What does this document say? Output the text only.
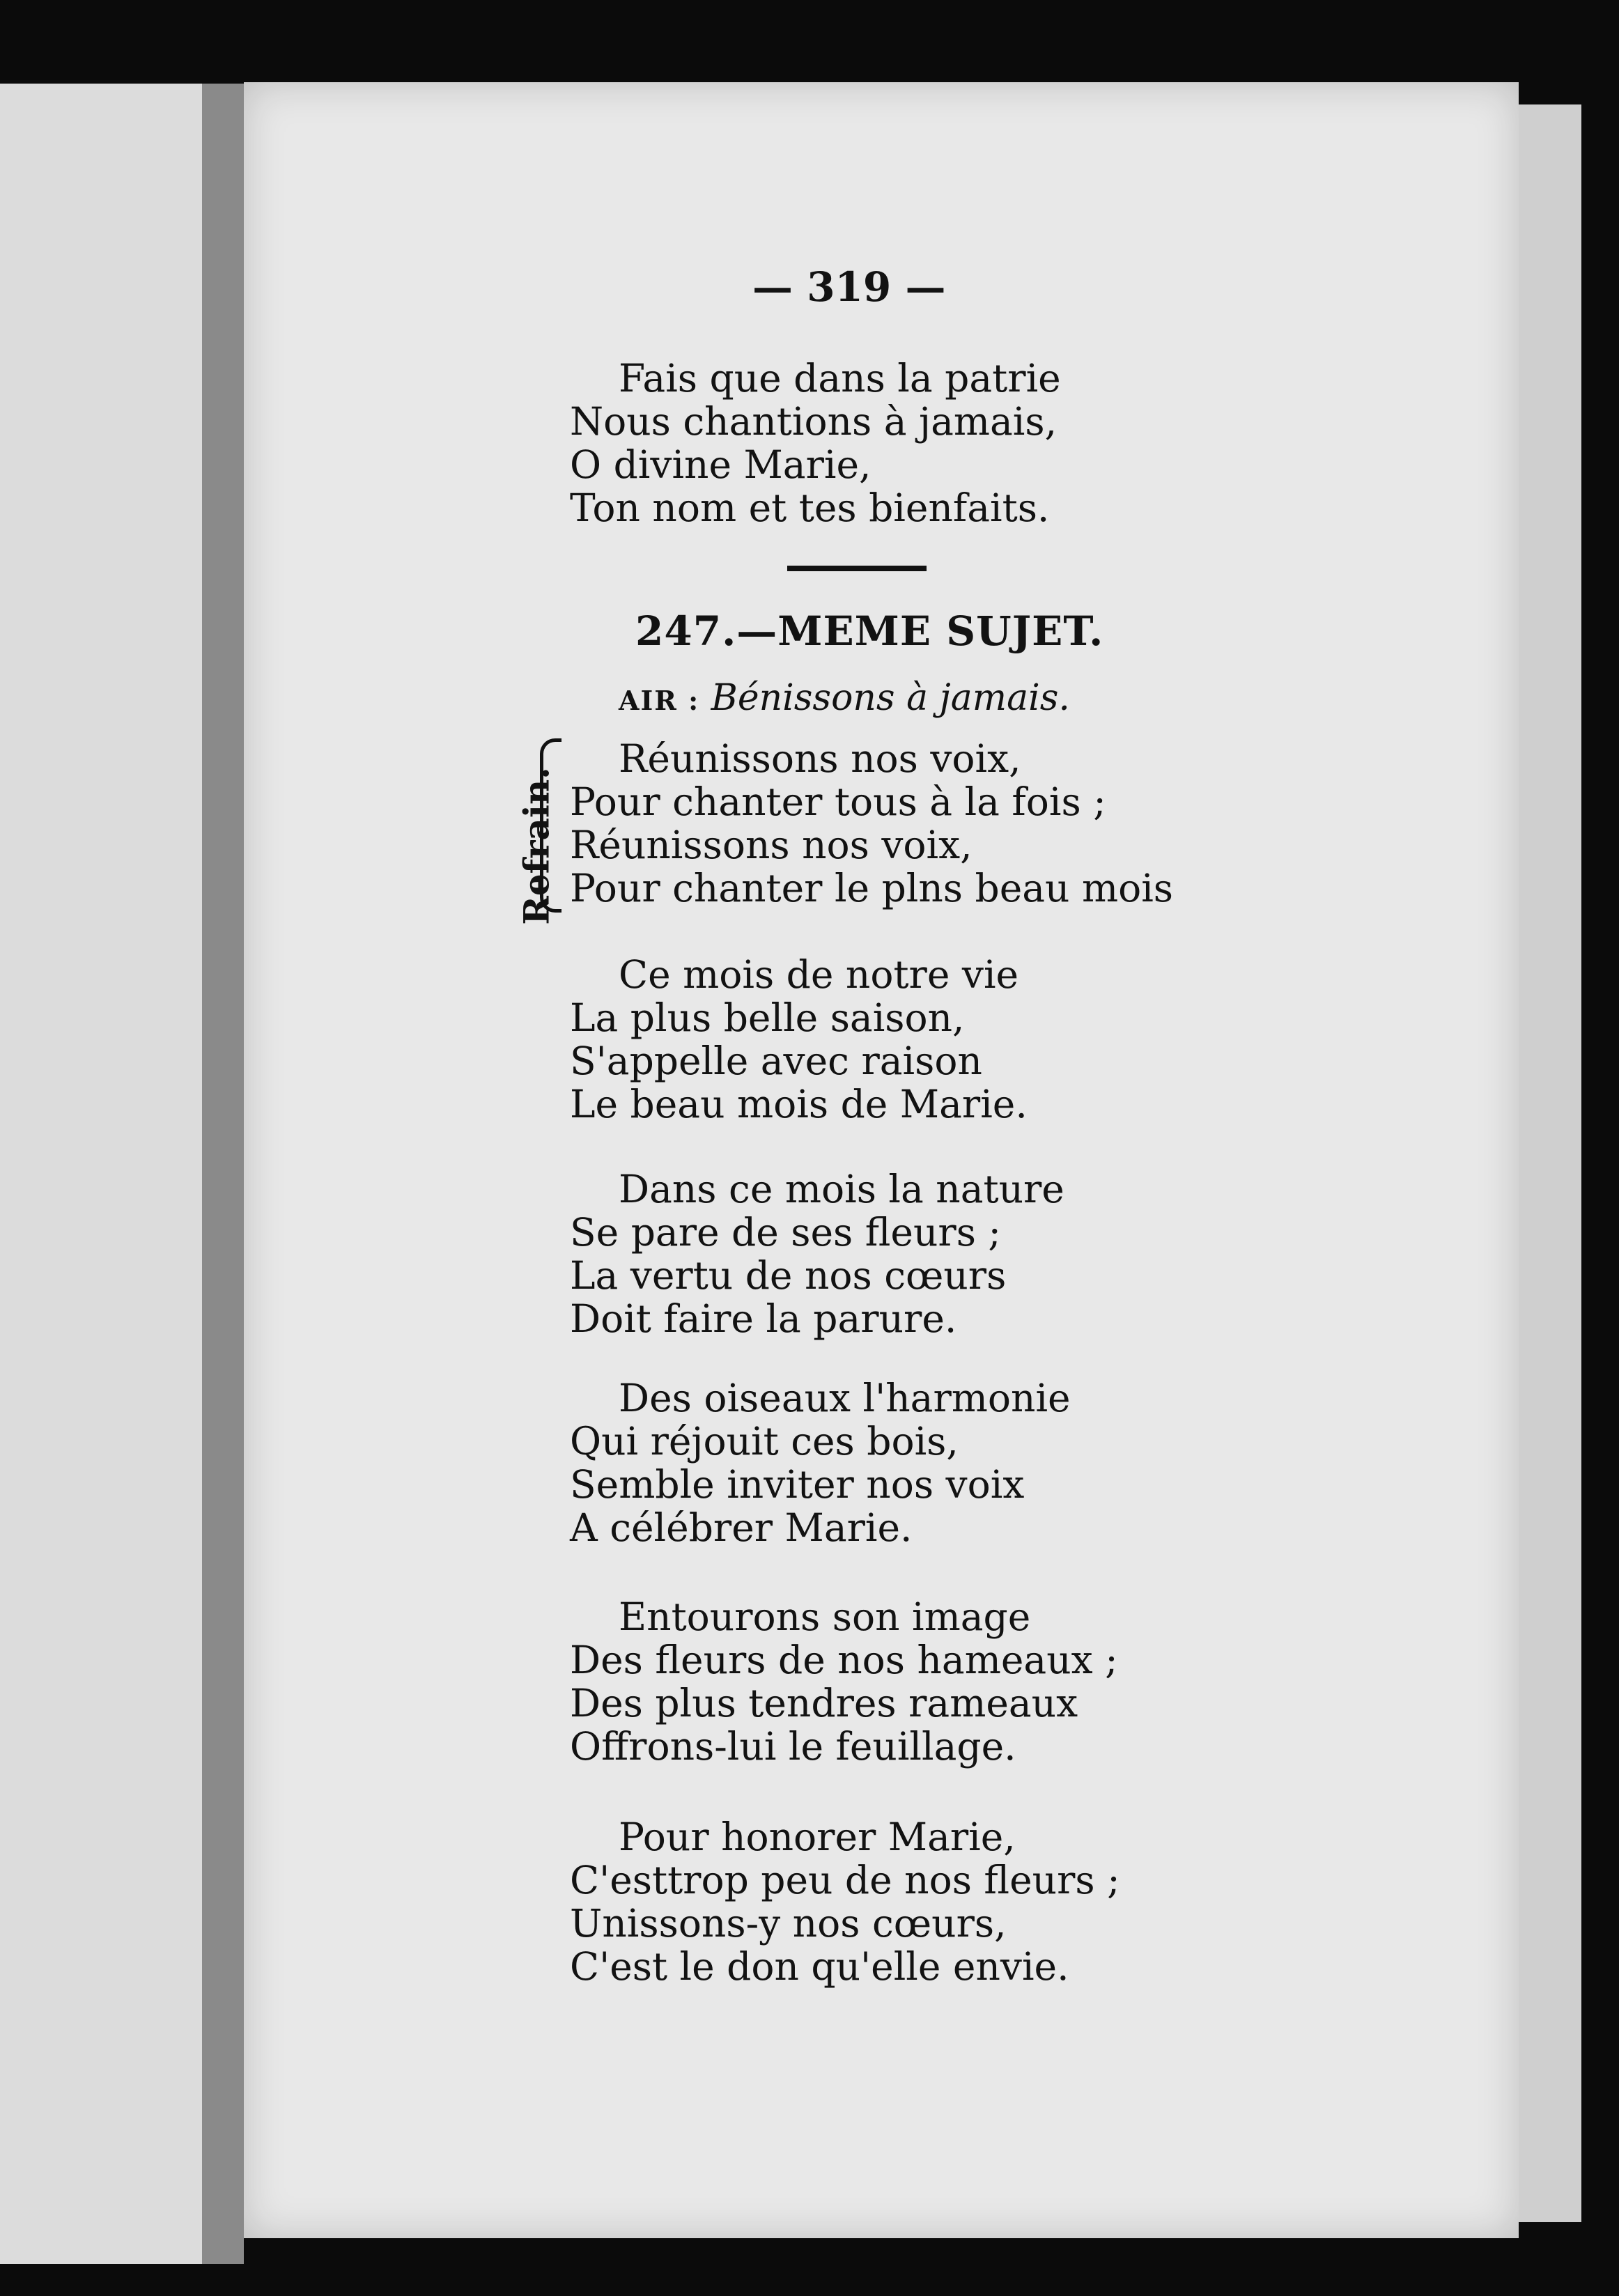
— 319 —
Fais que dans la patrie
Nous chantions à jamais,
O divine Marie,
Ton nom et tes bienfaits.
247.—MEME SUJET.
AIR : Bénissons à jamais.
Refrain.
Réunissons nos voix,
Pour chanter tous à la fois ;
Réunissons nos voix,
Pour chanter le plns beau mois
Ce mois de notre vie
La plus belle saison,
S'appelle avec raison
Le beau mois de Marie.
Dans ce mois la nature
Se pare de ses fleurs ;
La vertu de nos cœurs
Doit faire la parure.
Des oiseaux l'harmonie
Qui réjouit ces bois,
Semble inviter nos voix
A célébrer Marie.
Entourons son image
Des fleurs de nos hameaux ;
Des plus tendres rameaux
Offrons-lui le feuillage.
Pour honorer Marie,
C'esttrop peu de nos fleurs ;
Unissons-y nos cœurs,
C'est le don qu'elle envie.
